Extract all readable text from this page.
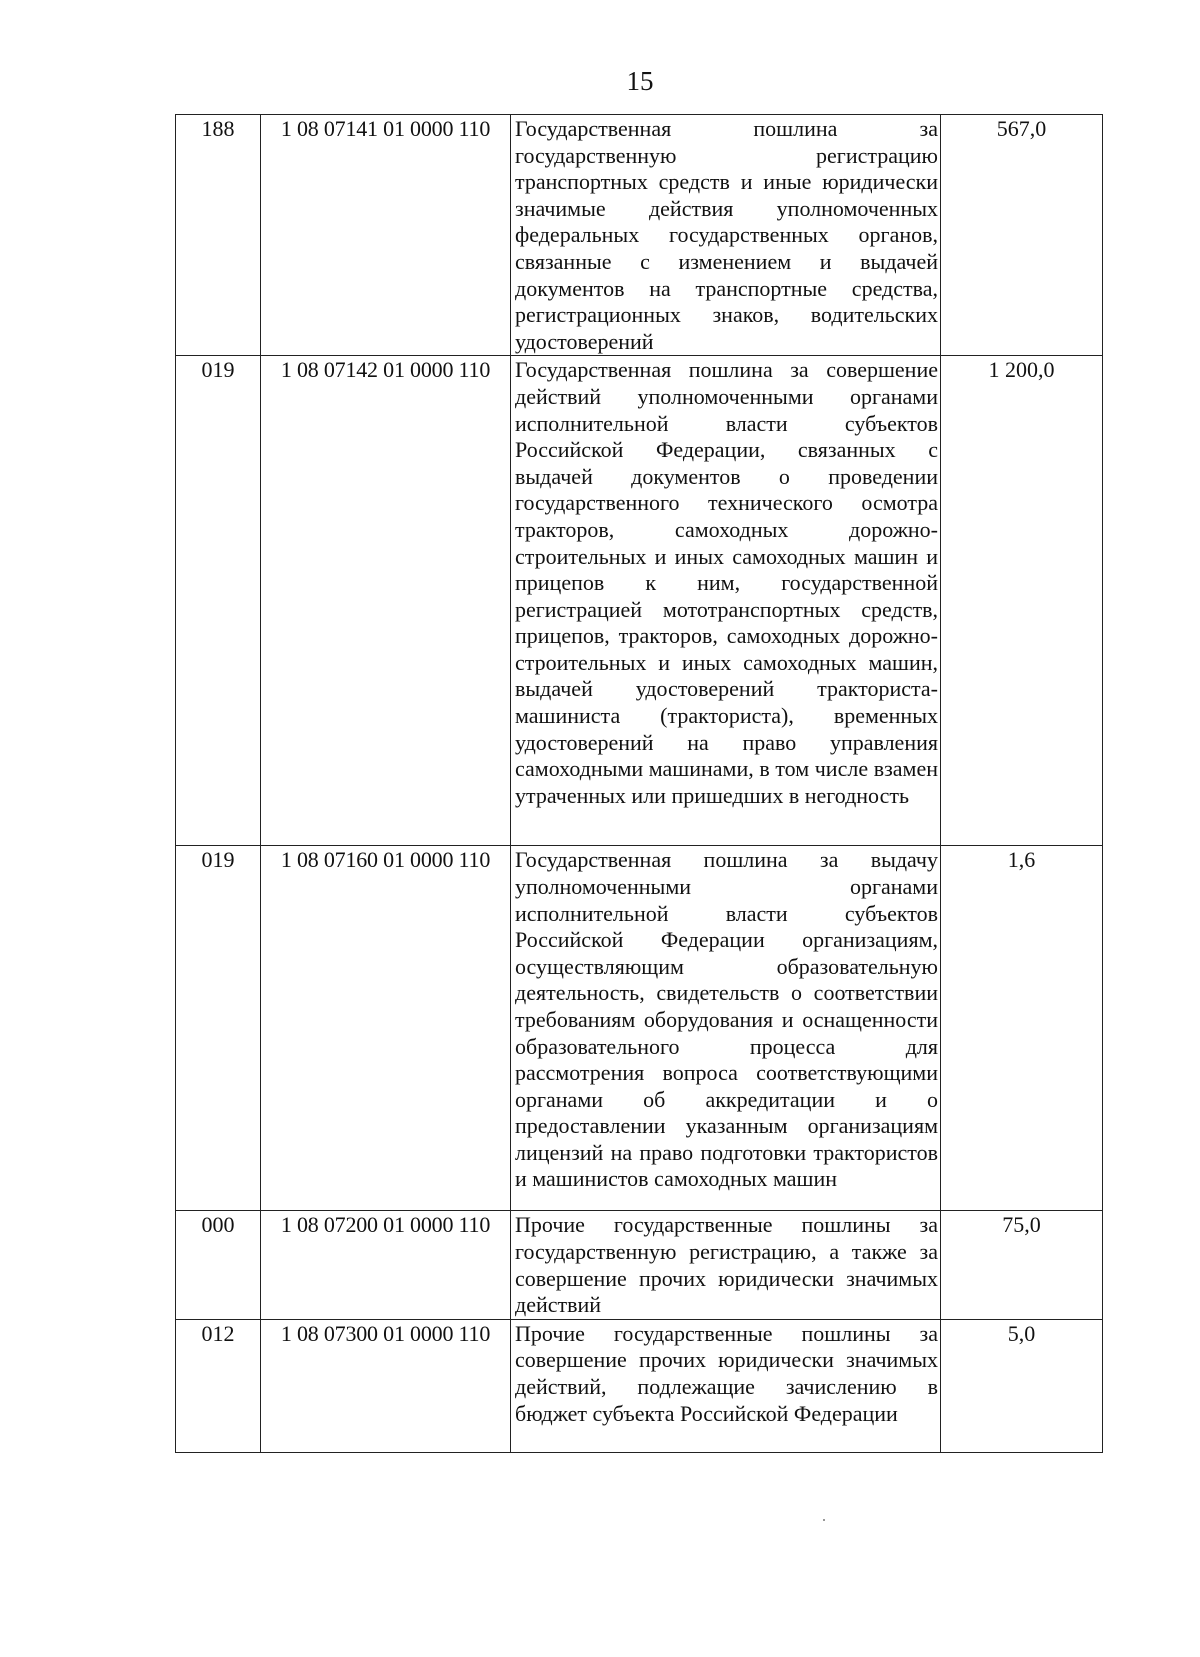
15
188	1 08 07141 01 0000 110	Государственная пошлина за государственную регистрацию транспортных средств и иные юридически значимые действия уполномоченных федеральных государственных органов, связанные с изменением и выдачей документов на транспортные средства, регистрационных знаков, водительских удостоверений	567,0
019	1 08 07142 01 0000 110	Государственная пошлина за совершение действий уполномоченными органами исполнительной власти субъектов Российской Федерации, связанных с выдачей документов о проведении государственного технического осмотра тракторов, самоходных дорожно-строительных и иных самоходных машин и прицепов к ним, государственной регистрацией мототранспортных средств, прицепов, тракторов, самоходных дорожно-строительных и иных самоходных машин, выдачей удостоверений тракториста-машиниста (тракториста), временных удостоверений на право управления самоходными машинами, в том числе взамен утраченных или пришедших в негодность	1 200,0
019	1 08 07160 01 0000 110	Государственная пошлина за выдачу уполномоченными органами исполнительной власти субъектов Российской Федерации организациям, осуществляющим образовательную деятельность, свидетельств о соответствии требованиям оборудования и оснащенности образовательного процесса для рассмотрения вопроса соответствующими органами об аккредитации и о предоставлении указанным организациям лицензий на право подготовки трактористов и машинистов самоходных машин	1,6
000	1 08 07200 01 0000 110	Прочие государственные пошлины за государственную регистрацию, а также за совершение прочих юридически значимых действий	75,0
012	1 08 07300 01 0000 110	Прочие государственные пошлины за совершение прочих юридически значимых действий, подлежащие зачислению в бюджет субъекта Российской Федерации	5,0
